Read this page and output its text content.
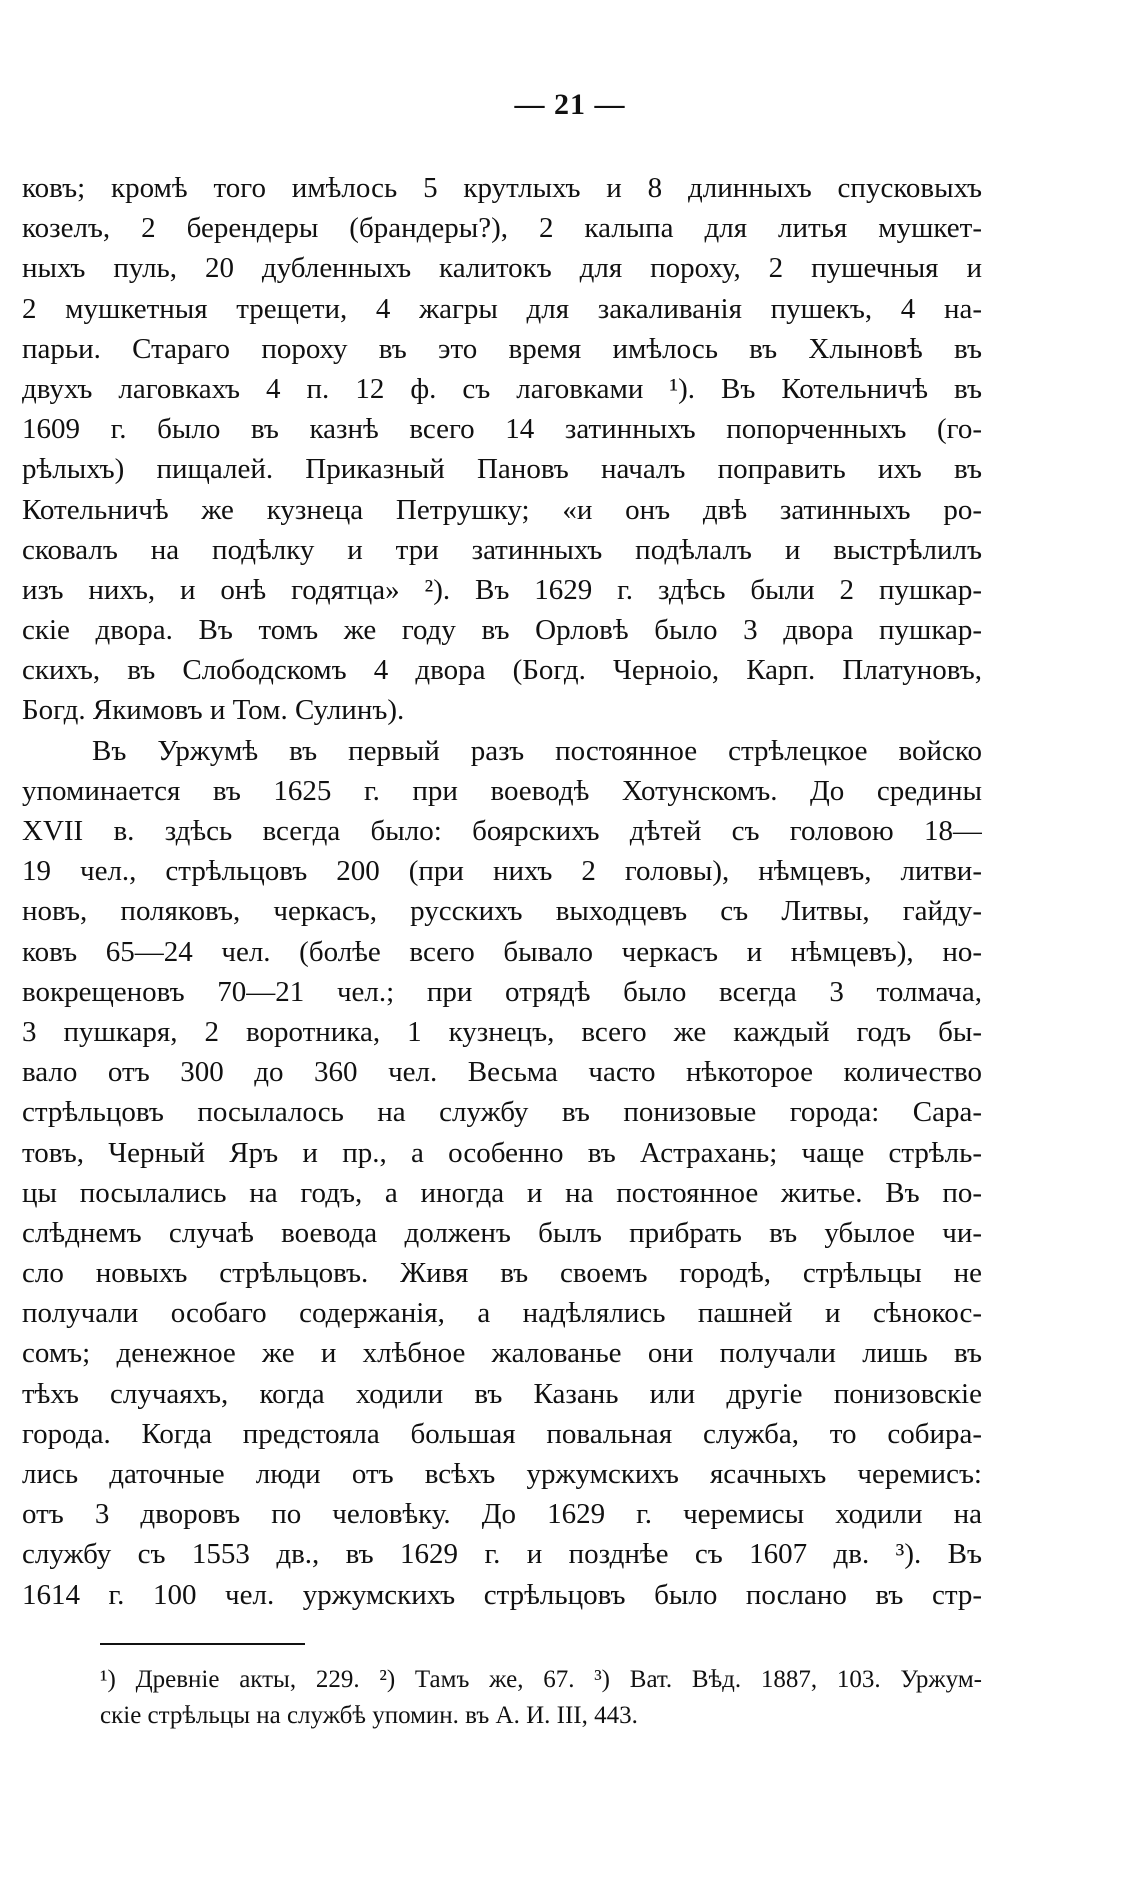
— 21 —
ковъ; кромѣ того имѣлось 5 крутлыхъ и 8 длинныхъ спусковыхъ
козелъ, 2 берендеры (брандеры?), 2 калыпа для литья мушкет-
ныхъ пуль, 20 дубленныхъ калитокъ для пороху, 2 пушечныя и
2 мушкетныя трещети, 4 жагры для закаливанія пушекъ, 4 на-
парьи. Стараго пороху въ это время имѣлось въ Хлыновѣ въ
двухъ лаговкахъ 4 п. 12 ф. съ лаговками ¹). Въ Котельничѣ въ
1609 г. было въ казнѣ всего 14 затинныхъ попорченныхъ (го-
рѣлыхъ) пищалей. Приказный Пановъ началъ поправить ихъ въ
Котельничѣ же кузнеца Петрушку; «и онъ двѣ затинныхъ ро-
сковалъ на подѣлку и три затинныхъ подѣлалъ и выстрѣлилъ
изъ нихъ, и онѣ годятца» ²). Въ 1629 г. здѣсь были 2 пушкар-
скіе двора. Въ томъ же году въ Орловѣ было 3 двора пушкар-
скихъ, въ Слободскомъ 4 двора (Богд. Черноіо, Карп. Платуновъ,
Богд. Якимовъ и Том. Сулинъ).
Въ Уржумѣ въ первый разъ постоянное стрѣлецкое войско
упоминается въ 1625 г. при воеводѣ Хотунскомъ. До средины
XVII в. здѣсь всегда было: боярскихъ дѣтей съ головою 18—
19 чел., стрѣльцовъ 200 (при нихъ 2 головы), нѣмцевъ, литви-
новъ, поляковъ, черкасъ, русскихъ выходцевъ съ Литвы, гайду-
ковъ 65—24 чел. (болѣе всего бывало черкасъ и нѣмцевъ), но-
вокрещеновъ 70—21 чел.; при отрядѣ было всегда 3 толмача,
3 пушкаря, 2 воротника, 1 кузнецъ, всего же каждый годъ бы-
вало отъ 300 до 360 чел. Весьма часто нѣкоторое количество
стрѣльцовъ посылалось на службу въ понизовые города: Сара-
товъ, Черный Яръ и пр., а особенно въ Астрахань; чаще стрѣль-
цы посылались на годъ, а иногда и на постоянное житье. Въ по-
слѣднемъ случаѣ воевода долженъ былъ прибрать въ убылое чи-
сло новыхъ стрѣльцовъ. Живя въ своемъ городѣ, стрѣльцы не
получали особаго содержанія, а надѣлялись пашней и сѣнокос-
сомъ; денежное же и хлѣбное жалованье они получали лишь въ
тѣхъ случаяхъ, когда ходили въ Казань или другіе понизовскіе
города. Когда предстояла большая повальная служба, то собира-
лись даточные люди отъ всѣхъ уржумскихъ ясачныхъ черемисъ:
отъ 3 дворовъ по человѣку. До 1629 г. черемисы ходили на
службу съ 1553 дв., въ 1629 г. и позднѣе съ 1607 дв. ³). Въ
1614 г. 100 чел. уржумскихъ стрѣльцовъ было послано въ стр-
¹) Древніе акты, 229. ²) Тамъ же, 67. ³) Ват. Вѣд. 1887, 103. Уржум-
скіе стрѣльцы на службѣ упомин. въ А. И. III, 443.
